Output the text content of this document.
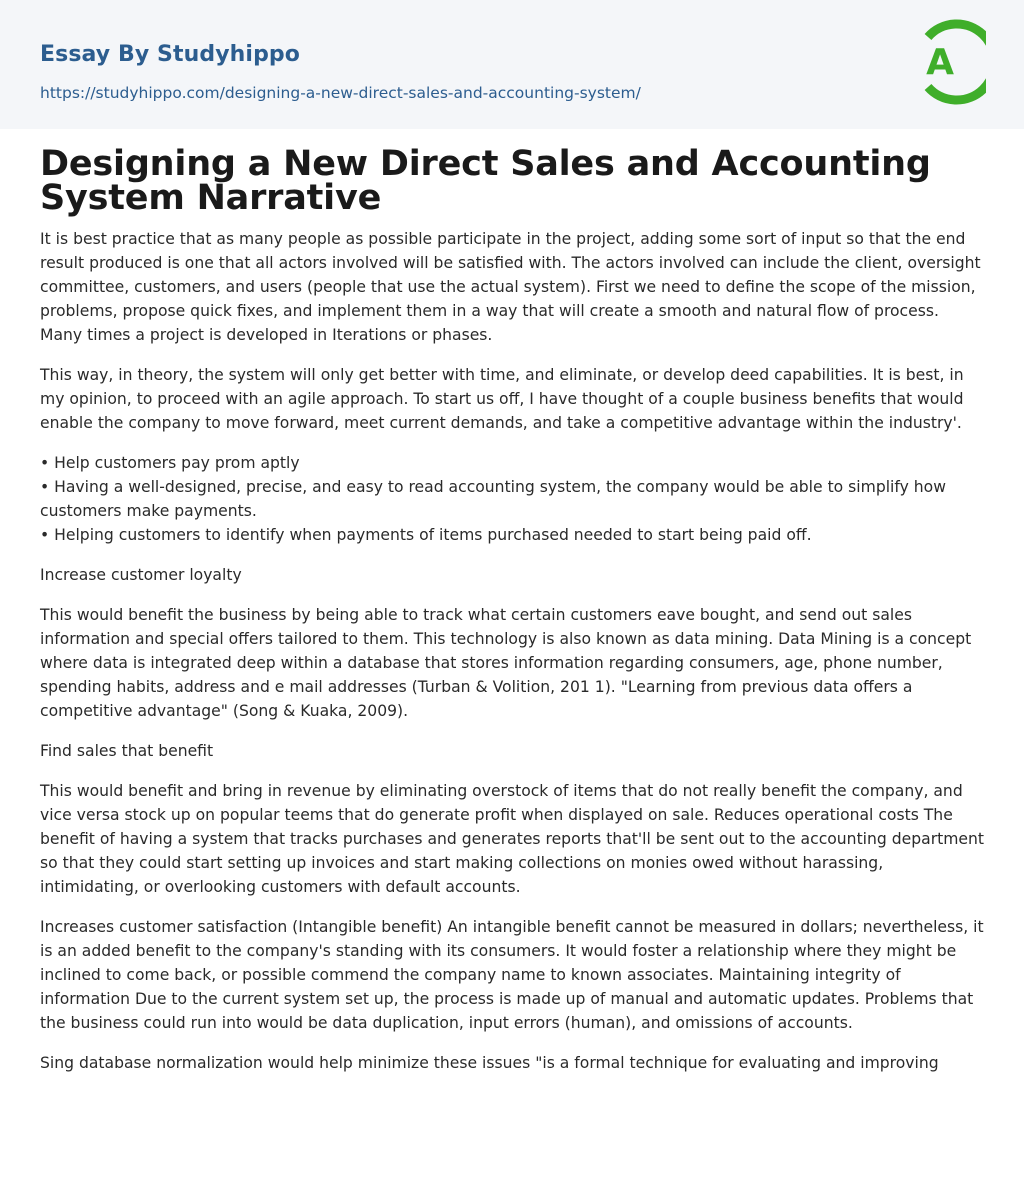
Essay By Studyhippo
https://studyhippo.com/designing-a-new-direct-sales-and-accounting-system/
A
Designing a New Direct Sales and Accounting System Narrative

It is best practice that as many people as possible participate in the project, adding some sort of input so that the end result produced is one that all actors involved will be satisfied with. The actors involved can include the client, oversight committee, customers, and users (people that use the actual system). First we need to define the scope of the mission, problems, propose quick fixes, and implement them in a way that will create a smooth and natural flow of process. Many times a project is developed in Iterations or phases.

This way, in theory, the system will only get better with time, and eliminate, or develop deed capabilities. It is best, in my opinion, to proceed with an agile approach. To start us off, I have thought of a couple business benefits that would enable the company to move forward, meet current demands, and take a competitive advantage within the industry'.

• Help customers pay prom aptly
• Having a well-designed, precise, and easy to read accounting system, the company would be able to simplify how customers make payments.
• Helping customers to identify when payments of items purchased needed to start being paid off.

Increase customer loyalty

This would benefit the business by being able to track what certain customers eave bought, and send out sales information and special offers tailored to them. This technology is also known as data mining. Data Mining is a concept where data is integrated deep within a database that stores information regarding consumers, age, phone number, spending habits, address and e mail addresses (Turban & Volition, 201 1). "Learning from previous data offers a competitive advantage" (Song & Kuaka, 2009).

Find sales that benefit

This would benefit and bring in revenue by eliminating overstock of items that do not really benefit the company, and vice versa stock up on popular teems that do generate profit when displayed on sale. Reduces operational costs The benefit of having a system that tracks purchases and generates reports that'll be sent out to the accounting department so that they could start setting up invoices and start making collections on monies owed without harassing, intimidating, or overlooking customers with default accounts.

Increases customer satisfaction (Intangible benefit) An intangible benefit cannot be measured in dollars; nevertheless, it is an added benefit to the company's standing with its consumers. It would foster a relationship where they might be inclined to come back, or possible commend the company name to known associates. Maintaining integrity of information Due to the current system set up, the process is made up of manual and automatic updates. Problems that the business could run into would be data duplication, input errors (human), and omissions of accounts.

Sing database normalization would help minimize these issues "is a formal technique for evaluating and improving
